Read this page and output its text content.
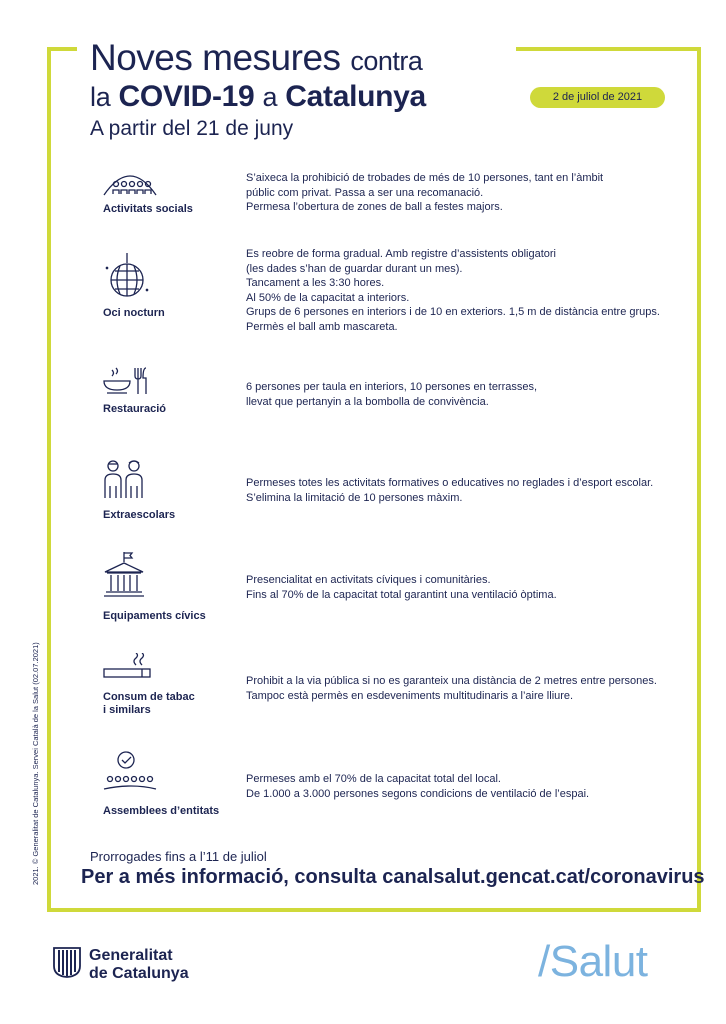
Noves mesures contra
la COVID-19 a Catalunya
A partir del 21 de juny
2 de juliol de 2021
Activitats socials
S’aixeca la prohibició de trobades de més de 10 persones, tant en l’àmbit
públic com privat. Passa a ser una recomanació.
Permesa l’obertura de zones de ball a festes majors.
Oci nocturn
Es reobre de forma gradual. Amb registre d’assistents obligatori
(les dades s’han de guardar durant un mes).
Tancament a les 3:30 hores.
Al 50% de la capacitat a interiors.
Grups de 6 persones en interiors i de 10 en exteriors. 1,5 m de distància entre grups.
Permès el ball amb mascareta.
Restauració
6 persones per taula en interiors, 10 persones en terrasses,
llevat que pertanyin a la bombolla de convivència.
Extraescolars
Permeses totes les activitats formatives o educatives no reglades i d’esport escolar.
S’elimina la limitació de 10 persones màxim.
Equipaments cívics
Presencialitat en activitats cíviques i comunitàries.
Fins al 70% de la capacitat total garantint una ventilació òptima.
Consum de tabac
i similars
Prohibit a la via pública si no es garanteix una distància de 2 metres entre persones.
Tampoc està permès en esdeveniments multitudinaris a l’aire lliure.
Assemblees d’entitats
Permeses amb el 70% de la capacitat total del local.
De 1.000 a 3.000 persones segons condicions de ventilació de l’espai.
Prorrogades fins a l’11 de juliol
Per a més informació, consulta canalsalut.gencat.cat/coronavirus
2021. © Generalitat de Catalunya. Servei Català de la Salut (02.07.2021)
Generalitat
de Catalunya	/Salut
